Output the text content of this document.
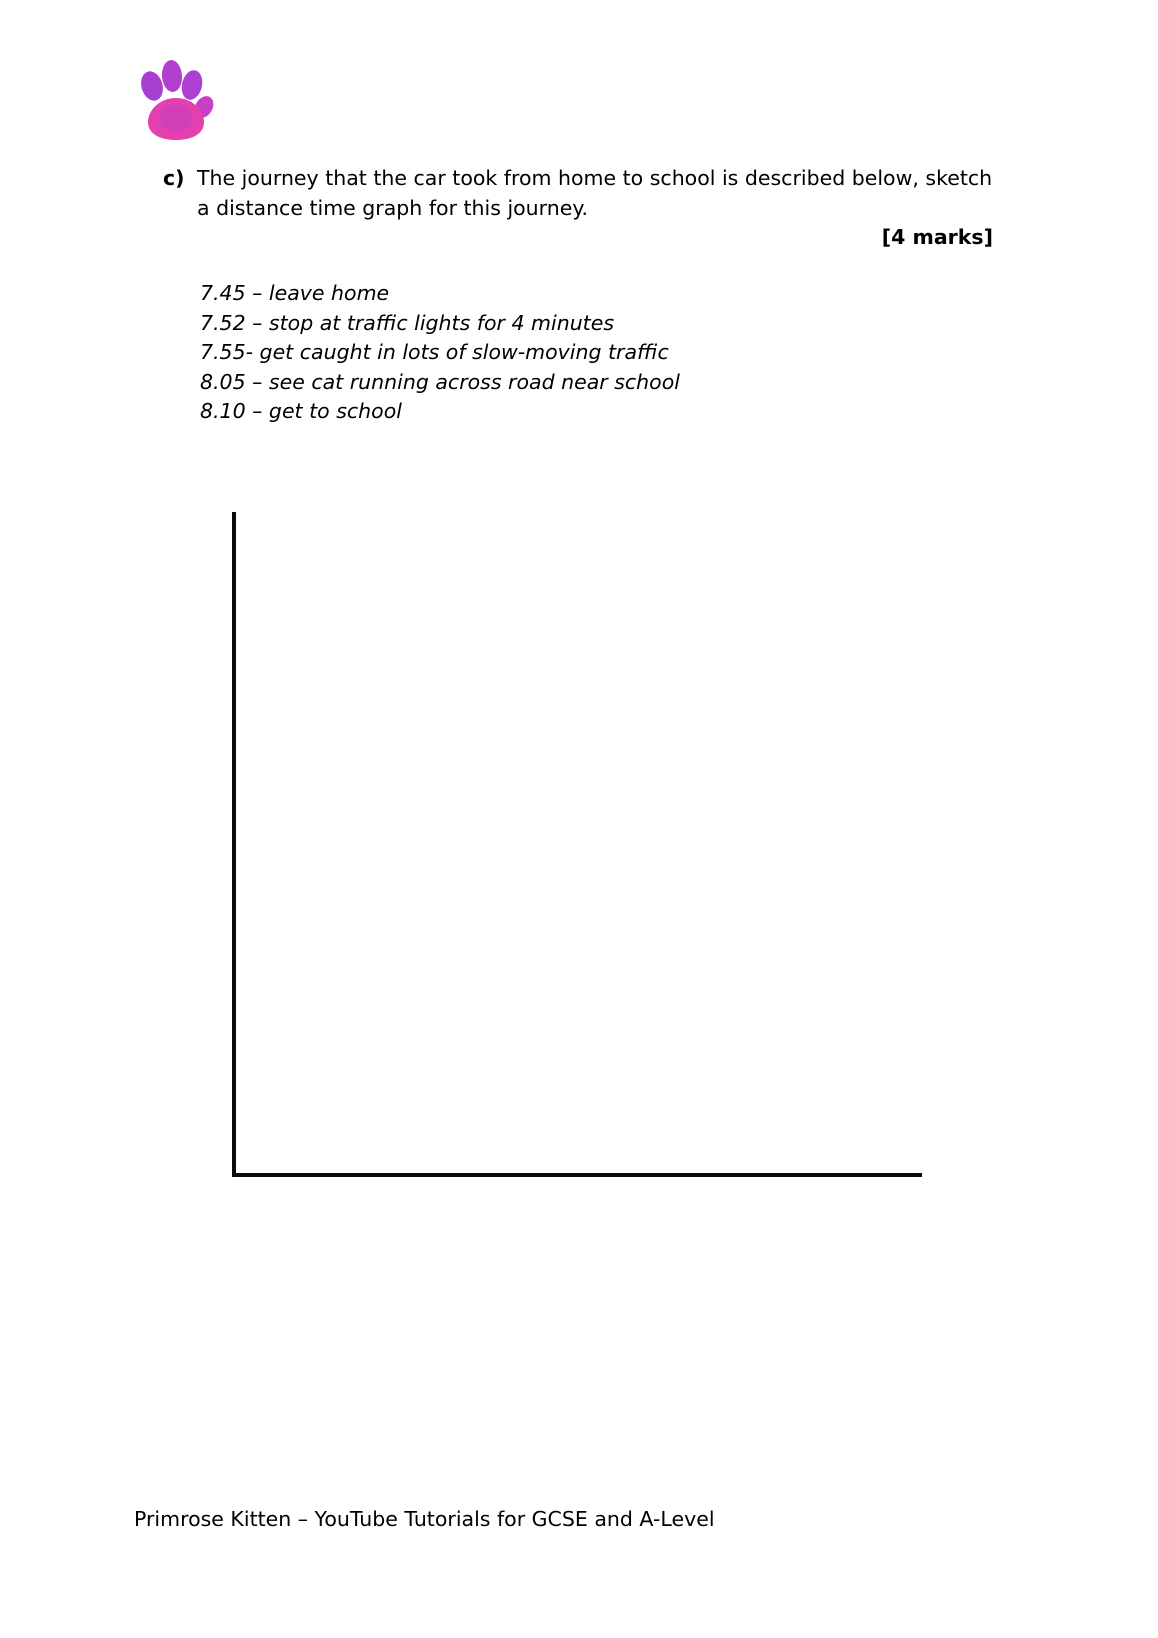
c) The journey that the car took from home to school is described below, sketch a distance time graph for this journey.
[4 marks]
7.45 – leave home
7.52 – stop at traffic lights for 4 minutes
7.55- get caught in lots of slow-moving traffic
8.05 – see cat running across road near school
8.10 – get to school
Primrose Kitten – YouTube Tutorials for GCSE and A-Level
